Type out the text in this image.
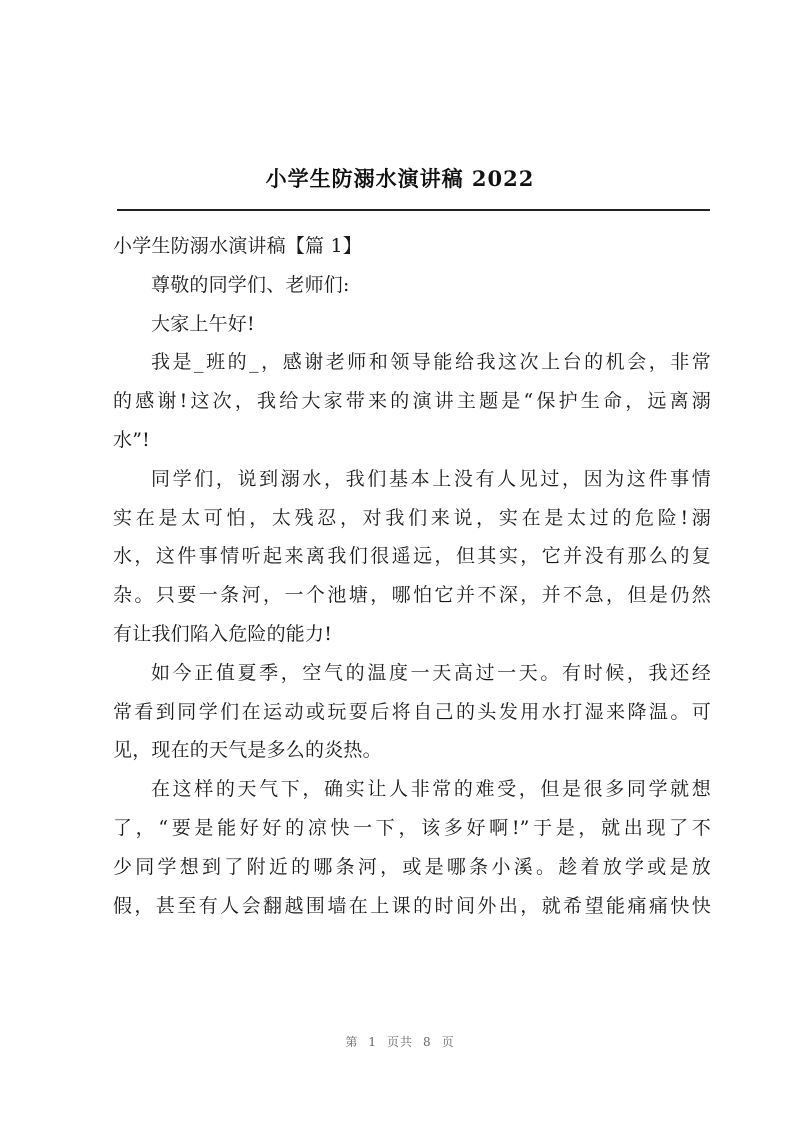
小学生防溺水演讲稿 2022
小学生防溺水演讲稿【篇 1】
尊敬的同学们、老师们:
大家上午好!
我是_班的_，感谢老师和领导能给我这次上台的机会，非常
的感谢!这次，我给大家带来的演讲主题是“保护生命，远离溺
水”!
同学们，说到溺水，我们基本上没有人见过，因为这件事情
实在是太可怕，太残忍，对我们来说，实在是太过的危险!溺
水，这件事情听起来离我们很遥远，但其实，它并没有那么的复
杂。只要一条河，一个池塘，哪怕它并不深，并不急，但是仍然
有让我们陷入危险的能力!
如今正值夏季，空气的温度一天高过一天。有时候，我还经
常看到同学们在运动或玩耍后将自己的头发用水打湿来降温。可
见，现在的天气是多么的炎热。
在这样的天气下，确实让人非常的难受，但是很多同学就想
了，“要是能好好的凉快一下，该多好啊!”于是，就出现了不
少同学想到了附近的哪条河，或是哪条小溪。趁着放学或是放
假，甚至有人会翻越围墙在上课的时间外出，就希望能痛痛快快
第 1 页共 8 页
